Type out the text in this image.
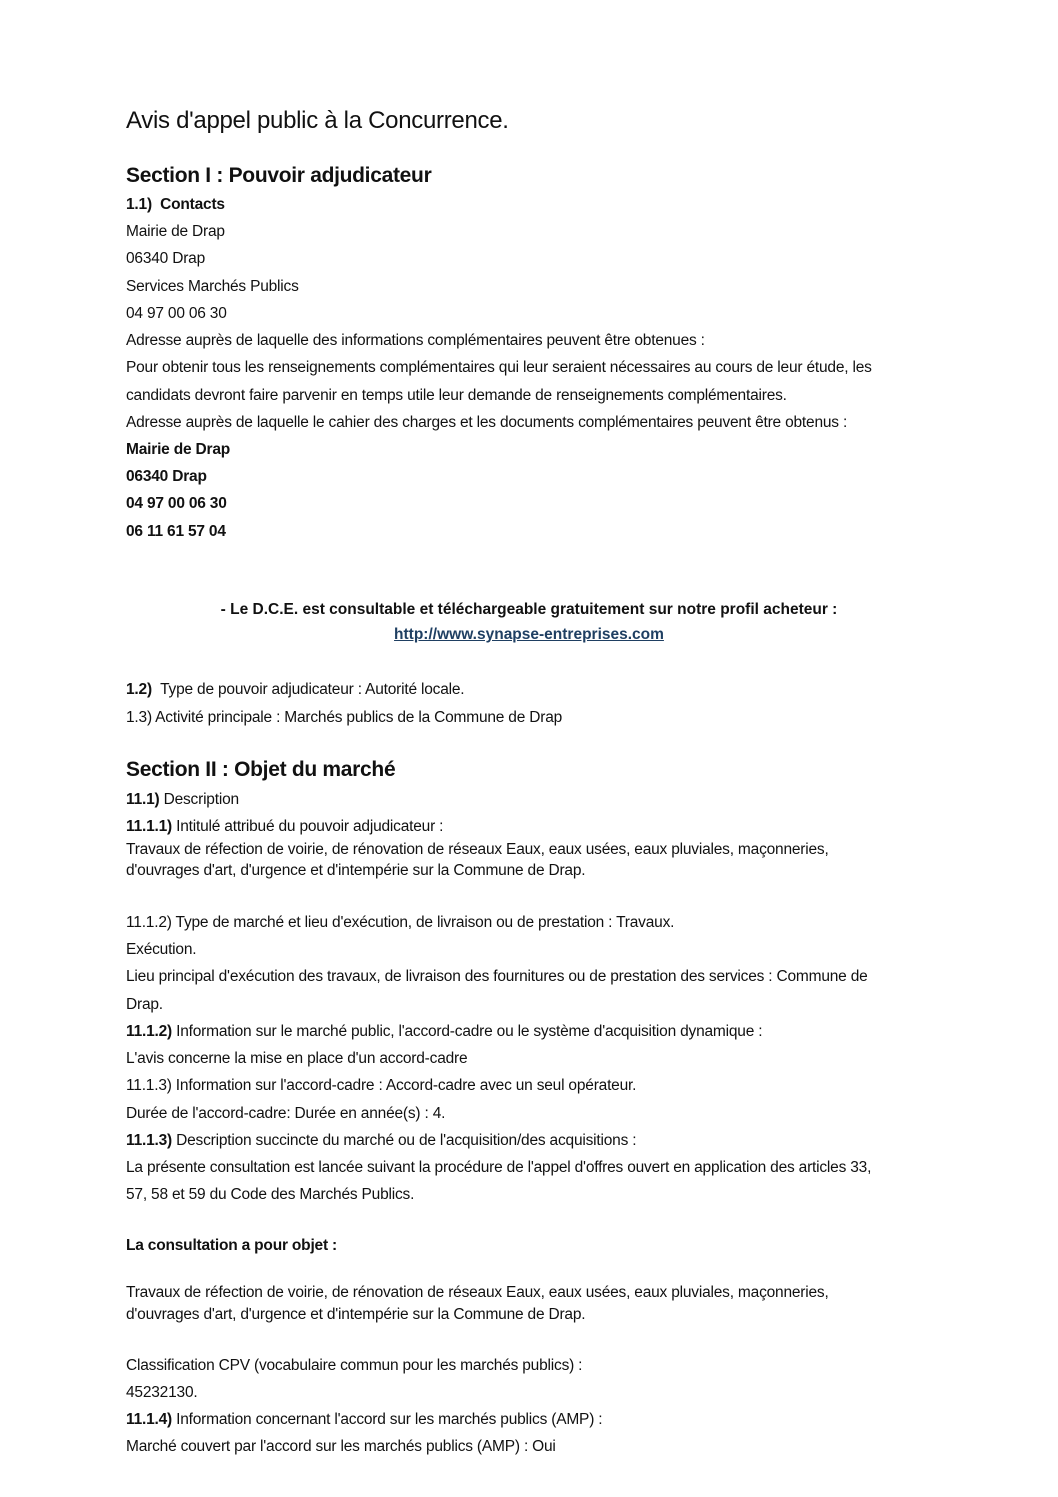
Avis d'appel public à la Concurrence.
Section I : Pouvoir adjudicateur
1.1) Contacts
Mairie de Drap
06340 Drap
Services Marchés Publics
04 97 00 06 30
Adresse auprès de laquelle des informations complémentaires peuvent être obtenues :
Pour obtenir tous les renseignements complémentaires qui leur seraient nécessaires au cours de leur étude, les
candidats devront faire parvenir en temps utile leur demande de renseignements complémentaires.
Adresse auprès de laquelle le cahier des charges et les documents complémentaires peuvent être obtenus :
Mairie de Drap
06340 Drap
04 97 00 06 30
06 11 61 57 04
- Le D.C.E. est consultable et téléchargeable gratuitement sur notre profil acheteur :
http://www.synapse-entreprises.com
1.2) Type de pouvoir adjudicateur : Autorité locale.
1.3) Activité principale : Marchés publics de la Commune de Drap
Section II : Objet du marché
11.1) Description
11.1.1) Intitulé attribué du pouvoir adjudicateur :
Travaux de réfection de voirie, de rénovation de réseaux Eaux, eaux usées, eaux pluviales, maçonneries,
d'ouvrages d'art, d'urgence et d'intempérie sur la Commune de Drap.
11.1.2) Type de marché et lieu d'exécution, de livraison ou de prestation : Travaux.
Exécution.
Lieu principal d'exécution des travaux, de livraison des fournitures ou de prestation des services : Commune de
Drap.
11.1.2) Information sur le marché public, l'accord-cadre ou le système d'acquisition dynamique :
L'avis concerne la mise en place d'un accord-cadre
11.1.3) Information sur l'accord-cadre : Accord-cadre avec un seul opérateur.
Durée de l'accord-cadre: Durée en année(s) : 4.
11.1.3) Description succincte du marché ou de l'acquisition/des acquisitions :
La présente consultation est lancée suivant la procédure de l'appel d'offres ouvert en application des articles 33,
57, 58 et 59 du Code des Marchés Publics.
La consultation a pour objet :
Travaux de réfection de voirie, de rénovation de réseaux Eaux, eaux usées, eaux pluviales, maçonneries,
d'ouvrages d'art, d'urgence et d'intempérie sur la Commune de Drap.
Classification CPV (vocabulaire commun pour les marchés publics) :
45232130.
11.1.4) Information concernant l'accord sur les marchés publics (AMP) :
Marché couvert par l'accord sur les marchés publics (AMP) : Oui
